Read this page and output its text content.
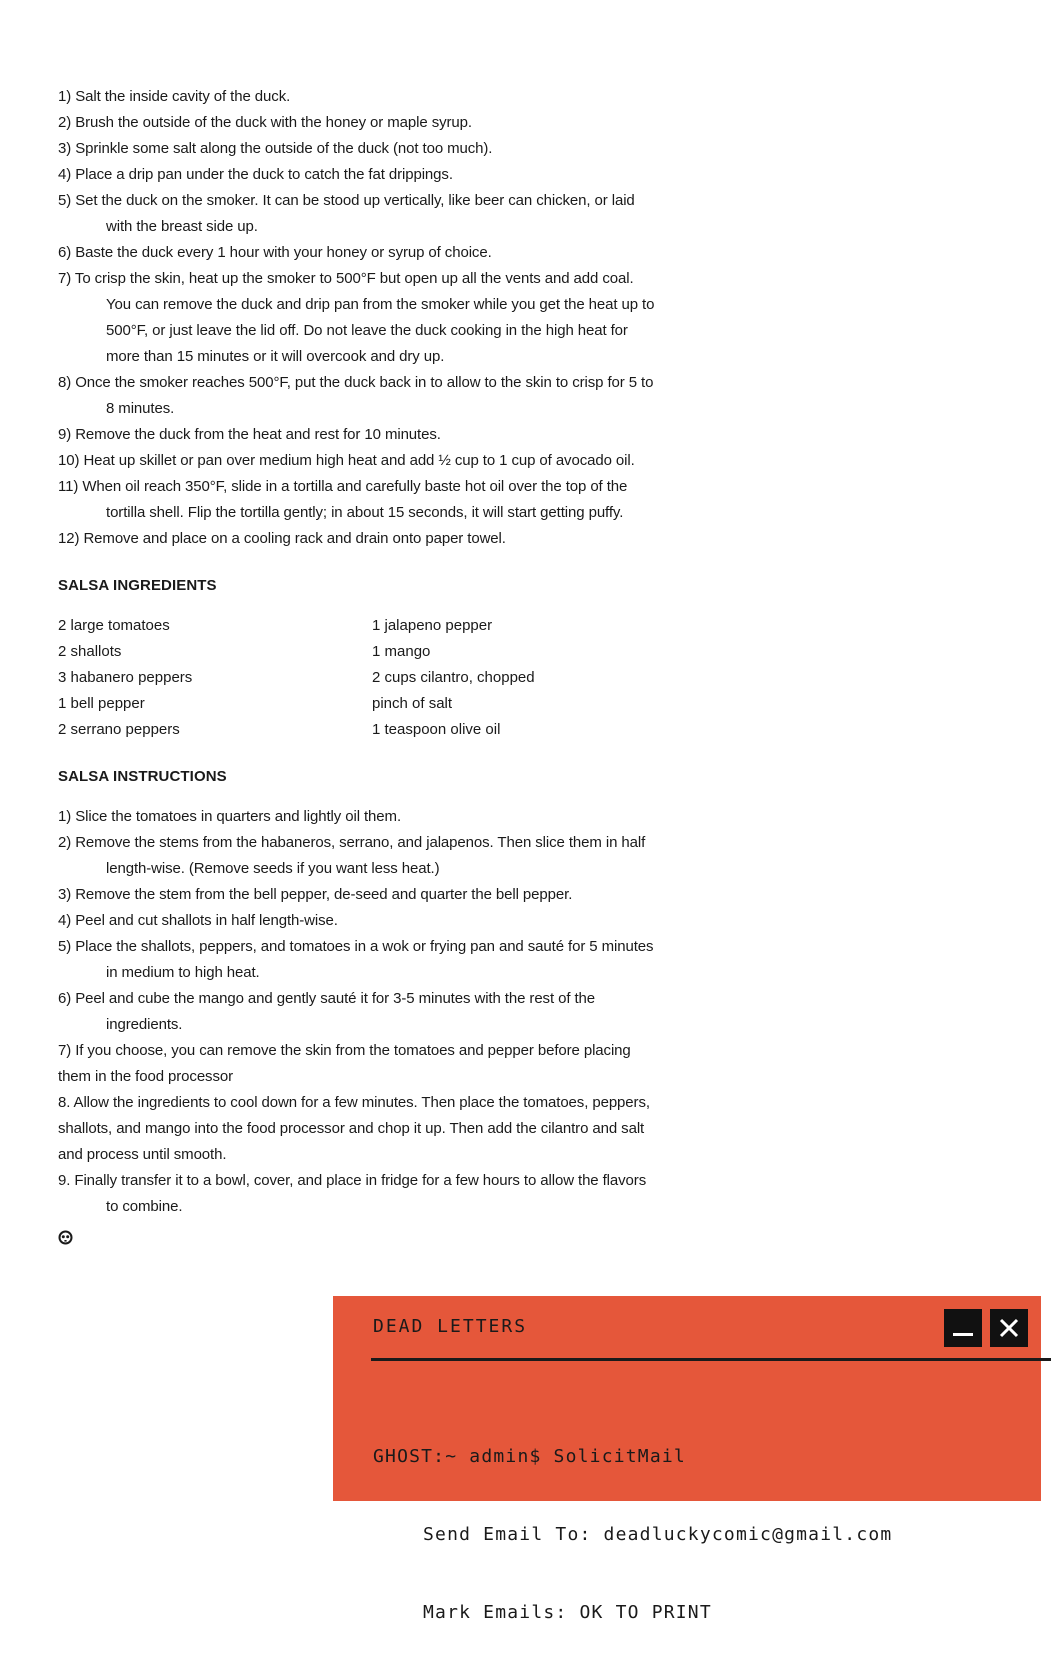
1) Salt the inside cavity of the duck.
2) Brush the outside of the duck with the honey or maple syrup.
3) Sprinkle some salt along the outside of the duck (not too much).
4) Place a drip pan under the duck to catch the fat drippings.
5) Set the duck on the smoker. It can be stood up vertically, like beer can chicken, or laid with the breast side up.
6) Baste the duck every 1 hour with your honey or syrup of choice.
7) To crisp the skin, heat up the smoker to 500°F but open up all the vents and add coal. You can remove the duck and drip pan from the smoker while you get the heat up to 500°F, or just leave the lid off. Do not leave the duck cooking in the high heat for more than 15 minutes or it will overcook and dry up.
8) Once the smoker reaches 500°F, put the duck back in to allow to the skin to crisp for 5 to 8 minutes.
9) Remove the duck from the heat and rest for 10 minutes.
10) Heat up skillet or pan over medium high heat and add ½ cup to 1 cup of avocado oil.
11) When oil reach 350°F, slide in a tortilla and carefully baste hot oil over the top of the tortilla shell. Flip the tortilla gently; in about 15 seconds, it will start getting puffy.
12) Remove and place on a cooling rack and drain onto paper towel.
SALSA INGREDIENTS
2 large tomatoes	1 jalapeno pepper
2 shallots	1 mango
3 habanero peppers	2 cups cilantro, chopped
1 bell pepper	pinch of salt
2 serrano peppers	1 teaspoon olive oil
SALSA INSTRUCTIONS
1) Slice the tomatoes in quarters and lightly oil them.
2) Remove the stems from the habaneros, serrano, and jalapenos. Then slice them in half length-wise. (Remove seeds if you want less heat.)
3) Remove the stem from the bell pepper, de-seed and quarter the bell pepper.
4) Peel and cut shallots in half length-wise.
5) Place the shallots, peppers, and tomatoes in a wok or frying pan and sauté for 5 minutes in medium to high heat.
6) Peel and cube the mango and gently sauté it for 3-5 minutes with the rest of the ingredients.
7) If you choose, you can remove the skin from the tomatoes and pepper before placing them in the food processor
8. Allow the ingredients to cool down for a few minutes. Then place the tomatoes, peppers, shallots, and mango into the food processor and chop it up. Then add the cilantro and salt and process until smooth.
9. Finally transfer it to a bowl, cover, and place in fridge for a few hours to allow the flavors to combine.
DEAD LETTERS

GHOST:~ admin$ SolicitMail

Send Email To: deadluckycomic@gmail.com

Mark Emails: OK TO PRINT
